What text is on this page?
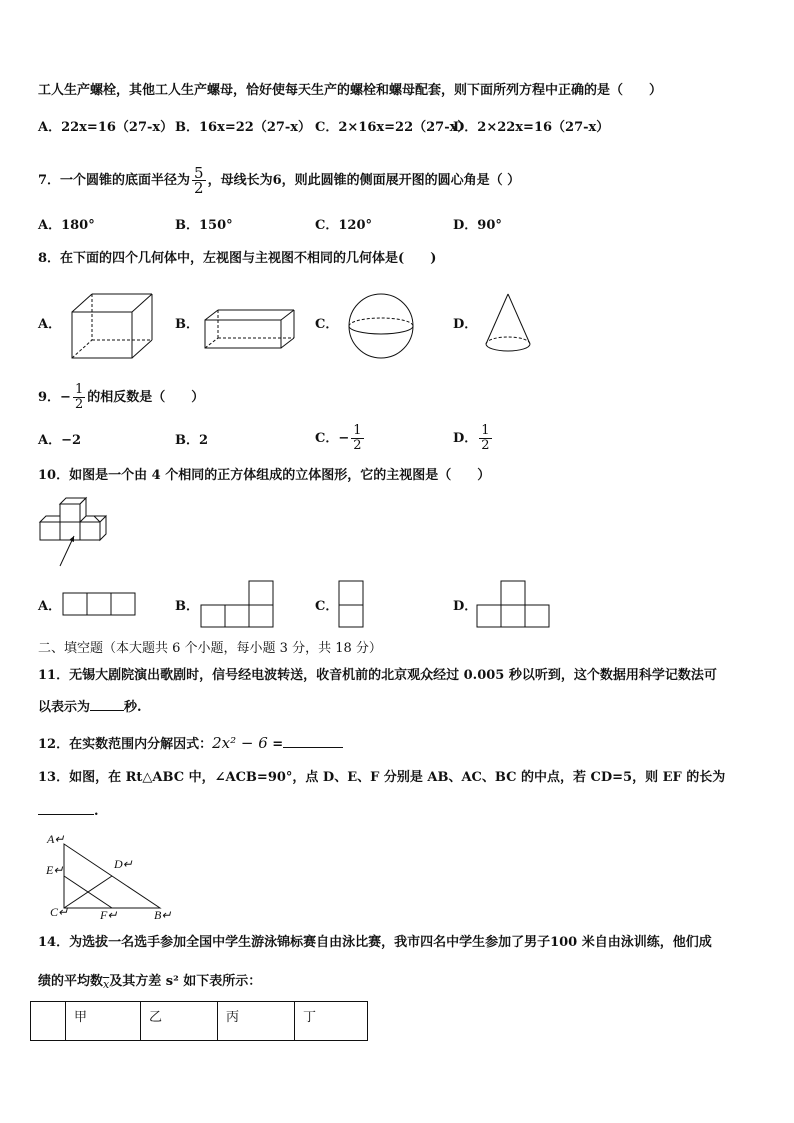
工人生产螺栓，其他工人生产螺母，恰好使每天生产的螺栓和螺母配套，则下面所列方程中正确的是（　　）
A．22x=16（27-x） B．16x=22（27-x） C．2×16x=22（27-x）
D．2×22x=16（27-x）
7．一个圆锥的底面半径为 $\frac{5}{2}$ ，母线长为6，则此圆锥的侧面展开图的圆心角是（ ）
A．180°	B．150°	C．120°	D．90°
8．在下面的四个几何体中，左视图与主视图不相同的几何体是(　　)
A．	B．	C．	D．
9．− $\frac{1}{2}$ 的相反数是（　　）
A．−2	B．2	C．− $\frac{1}{2}$	D． $\frac{1}{2}$
10．如图是一个由 4 个相同的正方体组成的立体图形，它的主视图是（　　）
A．	B．	C．	D．
二、填空题（本大题共 6 个小题，每小题 3 分，共 18 分）
11．无锡大剧院演出歌剧时，信号经电波转送，收音机前的北京观众经过 0.005 秒以听到，这个数据用科学记数法可
以表示为	秒.
12．在实数范围内分解因式：2x² − 6 =
13．如图，在 Rt△ABC 中，∠ACB=90°，点 D、E、F 分别是 AB、AC、BC 的中点，若 CD=5，则 EF 的长为
.
A↵
D↵
E↵
C↵	F↵	B↵
14．为选拔一名选手参加全国中学生游泳锦标赛自由泳比赛，我市四名中学生参加了男子100 米自由泳训练，他们成
绩的平均数$_{\overline{x}}$及其方差 s² 如下表所示：
	甲	乙	丙	丁
